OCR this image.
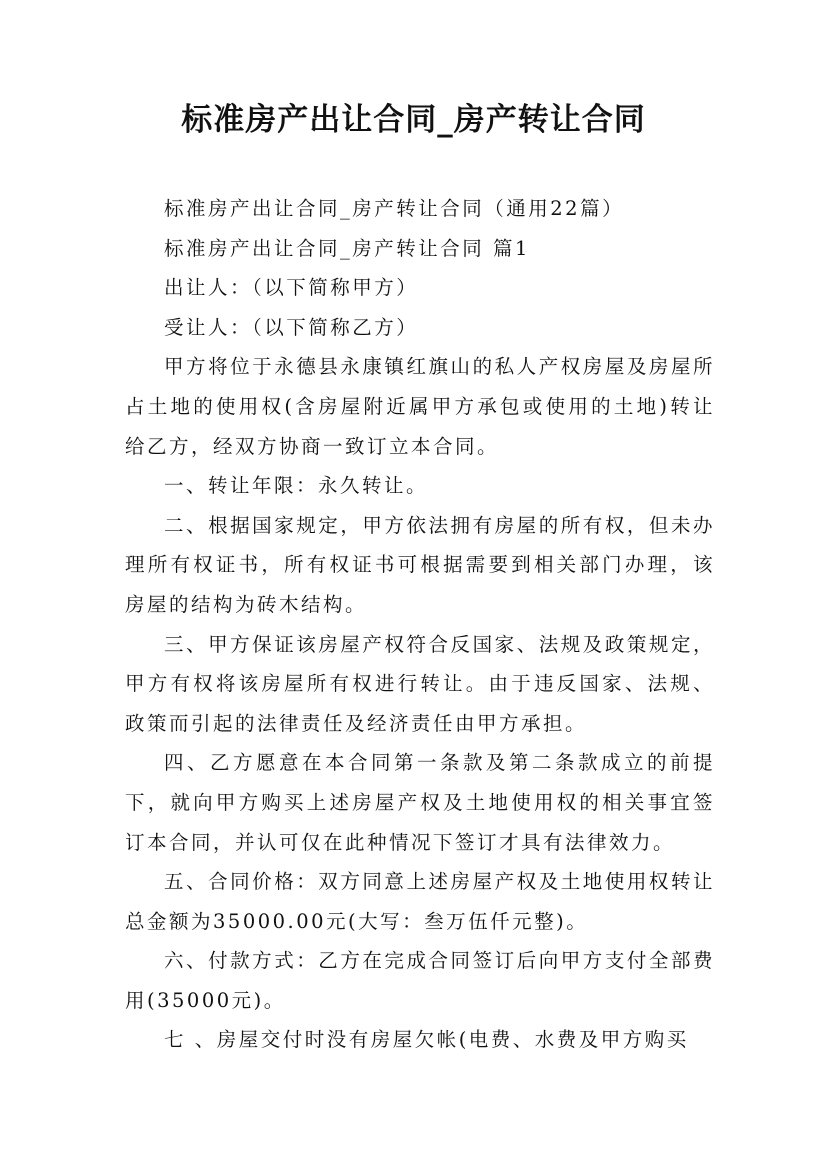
标准房产出让合同_房产转让合同

标准房产出让合同_房产转让合同（通用22篇）

标准房产出让合同_房产转让合同 篇1

出让人：（以下简称甲方）

受让人：（以下简称乙方）

甲方将位于永德县永康镇红旗山的私人产权房屋及房屋所占土地的使用权(含房屋附近属甲方承包或使用的土地)转让给乙方，经双方协商一致订立本合同。

一、转让年限：永久转让。

二、根据国家规定，甲方依法拥有房屋的所有权，但未办理所有权证书，所有权证书可根据需要到相关部门办理，该房屋的结构为砖木结构。

三、甲方保证该房屋产权符合反国家、法规及政策规定，甲方有权将该房屋所有权进行转让。由于违反国家、法规、政策而引起的法律责任及经济责任由甲方承担。

四、乙方愿意在本合同第一条款及第二条款成立的前提下，就向甲方购买上述房屋产权及土地使用权的相关事宜签订本合同，并认可仅在此种情况下签订才具有法律效力。

五、合同价格：双方同意上述房屋产权及土地使用权转让总金额为35000.00元(大写：叁万伍仟元整)。

六、付款方式：乙方在完成合同签订后向甲方支付全部费用(35000元)。

七 、房屋交付时没有房屋欠帐(电费、水费及甲方购买
